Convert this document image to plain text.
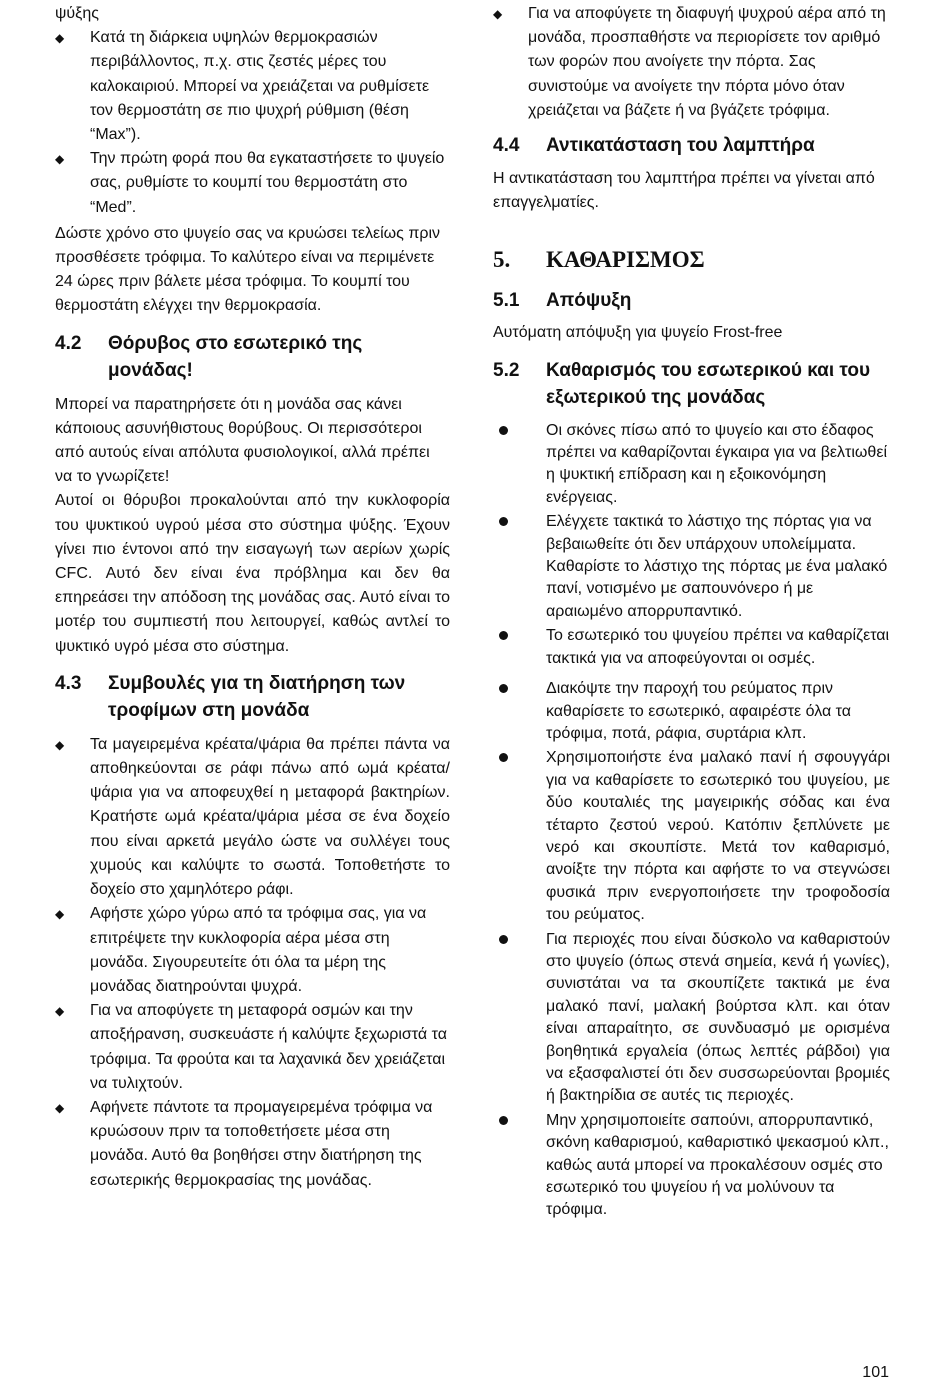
ψύξης

◆ Κατά τη διάρκεια υψηλών θερμοκρασιών περιβάλλοντος, π.χ. στις ζεστές μέρες του καλοκαιριού. Μπορεί να χρειάζεται να ρυθμίσετε τον θερμοστάτη σε πιο ψυχρή ρύθμιση (θέση “Max”).
◆ Την πρώτη φορά που θα εγκαταστήσετε το ψυγείο σας, ρυθμίστε το κουμπί του θερμοστάτη στο “Med”.

Δώστε χρόνο στο ψυγείο σας να κρυώσει τελείως πριν προσθέσετε τρόφιμα. Το καλύτερο είναι να περιμένετε 24 ώρες πριν βάλετε μέσα τρόφιμα. Το κουμπί του θερμοστάτη ελέγχει την θερμοκρασία.

4.2 Θόρυβος στο εσωτερικό της μονάδας!

Μπορεί να παρατηρήσετε ότι η μονάδα σας κάνει κάποιους ασυνήθιστους θορύβους. Οι περισσότεροι από αυτούς είναι απόλυτα φυσιολογικοί, αλλά πρέπει να το γνωρίζετε!

Αυτοί οι θόρυβοι προκαλούνται από την κυκλοφορία του ψυκτικού υγρού μέσα στο σύστημα ψύξης. Έχουν γίνει πιο έντονοι από την εισαγωγή των αερίων χωρίς CFC. Αυτό δεν είναι ένα πρόβλημα και δεν θα επηρεάσει την απόδοση της μονάδας σας. Αυτό είναι το μοτέρ του συμπιεστή που λειτουργεί, καθώς αντλεί το ψυκτικό υγρό μέσα στο σύστημα.

4.3 Συμβουλές για τη διατήρηση των τροφίμων στη μονάδα
◆ Τα μαγειρεμένα κρέατα/ψάρια θα πρέπει πάντα να αποθηκεύονται σε ράφι πάνω από ωμά κρέατα/ψάρια για να αποφευχθεί η μεταφορά βακτηρίων. Κρατήστε ωμά κρέατα/ψάρια μέσα σε ένα δοχείο που είναι αρκετά μεγάλο ώστε να συλλέγει τους χυμούς και καλύψτε το σωστά. Τοποθετήστε το δοχείο στο χαμηλότερο ράφι.
◆ Αφήστε χώρο γύρω από τα τρόφιμα σας, για να επιτρέψετε την κυκλοφορία αέρα μέσα στη μονάδα. Σιγουρευτείτε ότι όλα τα μέρη της μονάδας διατηρούνται ψυχρά.
◆ Για να αποφύγετε τη μεταφορά οσμών και την αποξήρανση, συσκευάστε ή καλύψτε ξεχωριστά τα τρόφιμα. Τα φρούτα και τα λαχανικά δεν χρειάζεται να τυλιχτούν.
◆ Αφήνετε πάντοτε τα προμαγειρεμένα τρόφιμα να κρυώσουν πριν τα τοποθετήσετε μέσα στη μονάδα. Αυτό θα βοηθήσει στην διατήρηση της εσωτερικής θερμοκρασίας της μονάδας.
◆ Για να αποφύγετε τη διαφυγή ψυχρού αέρα από τη μονάδα, προσπαθήστε να περιορίσετε τον αριθμό των φορών που ανοίγετε την πόρτα. Σας συνιστούμε να ανοίγετε την πόρτα μόνο όταν χρειάζεται να βάζετε ή να βγάζετε τρόφιμα.
4.4 Αντικατάσταση του λαμπτήρα

Η αντικατάσταση του λαμπτήρα πρέπει να γίνεται από επαγγελματίες.

5. ΚΑΘΑΡΙΣΜΟΣ
5.1 Απόψυξη

Αυτόματη απόψυξη για ψυγείο Frost-free

5.2 Καθαρισμός του εσωτερικού και του εξωτερικού της μονάδας
Οι σκόνες πίσω από το ψυγείο και στο έδαφος πρέπει να καθαρίζονται έγκαιρα για να βελτιωθεί η ψυκτική επίδραση και η εξοικονόμηση ενέργειας.
Ελέγχετε τακτικά το λάστιχο της πόρτας για να βεβαιωθείτε ότι δεν υπάρχουν υπολείμματα. Καθαρίστε το λάστιχο της πόρτας με ένα μαλακό πανί, νοτισμένο με σαπουνόνερο ή με αραιωμένο απορρυπαντικό.
Το εσωτερικό του ψυγείου πρέπει να καθαρίζεται τακτικά για να αποφεύγονται οι οσμές.
Διακόψτε την παροχή του ρεύματος πριν καθαρίσετε το εσωτερικό, αφαιρέστε όλα τα τρόφιμα, ποτά, ράφια, συρτάρια κλπ.
Χρησιμοποιήστε ένα μαλακό πανί ή σφουγγάρι για να καθαρίσετε το εσωτερικό του ψυγείου, με δύο κουταλιές της μαγειρικής σόδας και ένα τέταρτο ζεστού νερού. Κατόπιν ξεπλύνετε με νερό και σκουπίστε. Μετά τον καθαρισμό, ανοίξτε την πόρτα και αφήστε το να στεγνώσει φυσικά πριν ενεργοποιήσετε την τροφοδοσία του ρεύματος.
Για περιοχές που είναι δύσκολο να καθαριστούν στο ψυγείο (όπως στενά σημεία, κενά ή γωνίες), συνιστάται να τα σκουπίζετε τακτικά με ένα μαλακό πανί, μαλακή βούρτσα κλπ. και όταν είναι απαραίτητο, σε συνδυασμό με ορισμένα βοηθητικά εργαλεία (όπως λεπτές ράβδοι) για να εξασφαλιστεί ότι δεν συσσωρεύονται βρομιές ή βακτηρίδια σε αυτές τις περιοχές.
Μην χρησιμοποιείτε σαπούνι, απορρυπαντικό, σκόνη καθαρισμού, καθαριστικό ψεκασμού κλπ., καθώς αυτά μπορεί να προκαλέσουν οσμές στο εσωτερικό του ψυγείου ή να μολύνουν τα τρόφιμα.
101
